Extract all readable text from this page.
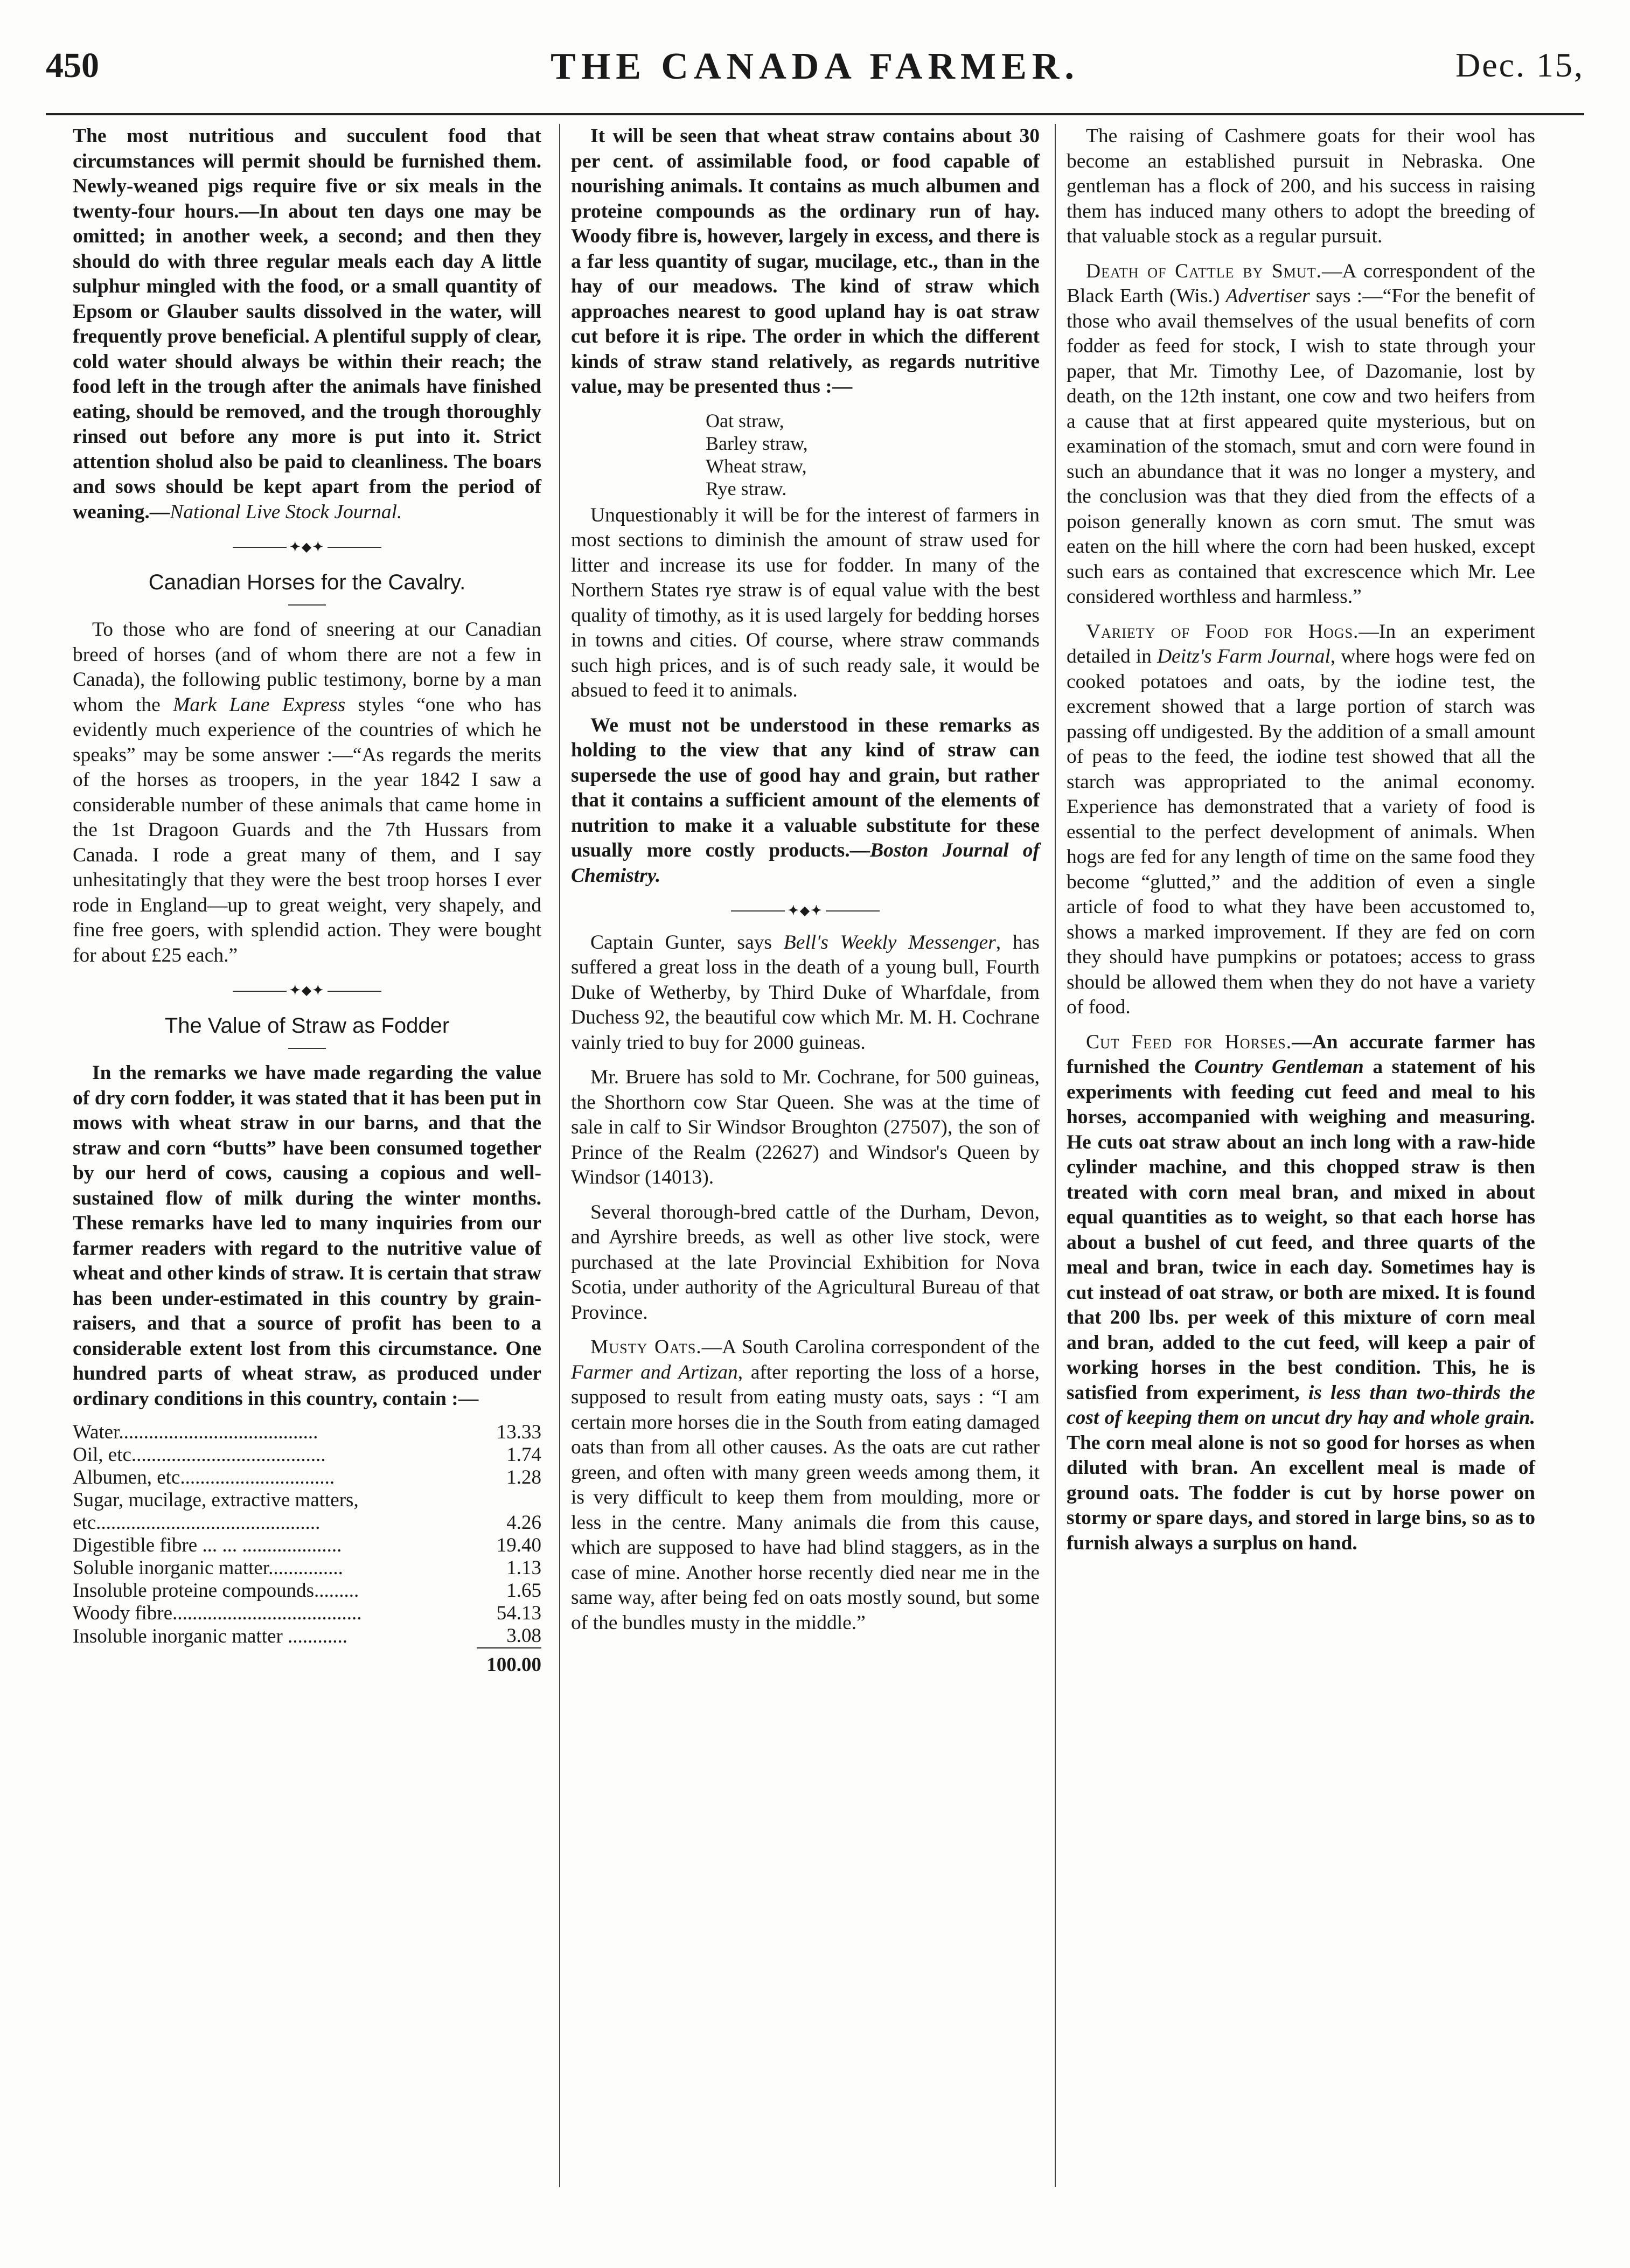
450	THE CANADA FARMER.	Dec. 15,

The most nutritious and succulent food that circumstances will permit should be furnished them. Newly-weaned pigs require five or six meals in the twenty-four hours.—In about ten days one may be omitted; in another week, a second; and then they should do with three regular meals each day A little sulphur mingled with the food, or a small quantity of Epsom or Glauber saults dissolved in the water, will frequently prove beneficial. A plentiful supply of clear, cold water should always be within their reach; the food left in the trough after the animals have finished eating, should be removed, and the trough thoroughly rinsed out before any more is put into it. Strict attention sholud also be paid to cleanliness. The boars and sows should be kept apart from the period of weaning.—National Live Stock Journal.

✦◆✦
Canadian Horses for the Cavalry.

To those who are fond of sneering at our Canadian breed of horses (and of whom there are not a few in Canada), the following public testimony, borne by a man whom the Mark Lane Express styles “one who has evidently much experience of the countries of which he speaks” may be some answer :—“As regards the merits of the horses as troopers, in the year 1842 I saw a considerable number of these animals that came home in the 1st Dragoon Guards and the 7th Hussars from Canada. I rode a great many of them, and I say unhesitatingly that they were the best troop horses I ever rode in England—up to great weight, very shapely, and fine free goers, with splendid action. They were bought for about £25 each.”

✦◆✦
The Value of Straw as Fodder

In the remarks we have made regarding the value of dry corn fodder, it was stated that it has been put in mows with wheat straw in our barns, and that the straw and corn “butts” have been consumed together by our herd of cows, causing a copious and well-sustained flow of milk during the winter months. These remarks have led to many inquiries from our farmer readers with regard to the nutritive value of wheat and other kinds of straw. It is certain that straw has been under-estimated in this country by grain-raisers, and that a source of profit has been to a considerable extent lost from this circumstance. One hundred parts of wheat straw, as produced under ordinary conditions in this country, contain :—

Water........................................	13.33
Oil, etc.......................................	1.74
Albumen, etc...............................	1.28
Sugar, mucilage, extractive matters,	
etc.............................................	4.26
Digestible fibre ... ... ....................	19.40
Soluble inorganic matter...............	1.13
Insoluble proteine compounds.........	1.65
Woody fibre......................................	54.13
Insoluble inorganic matter ............	3.08
	100.00

It will be seen that wheat straw contains about 30 per cent. of assimilable food, or food capable of nourishing animals. It contains as much albumen and proteine compounds as the ordinary run of hay. Woody fibre is, however, largely in excess, and there is a far less quantity of sugar, mucilage, etc., than in the hay of our meadows. The kind of straw which approaches nearest to good upland hay is oat straw cut before it is ripe. The order in which the different kinds of straw stand relatively, as regards nutritive value, may be presented thus :—

Oat straw,
Barley straw,
Wheat straw,
Rye straw.

Unquestionably it will be for the interest of farmers in most sections to diminish the amount of straw used for litter and increase its use for fodder. In many of the Northern States rye straw is of equal value with the best quality of timothy, as it is used largely for bedding horses in towns and cities. Of course, where straw commands such high prices, and is of such ready sale, it would be absued to feed it to animals.

We must not be understood in these remarks as holding to the view that any kind of straw can supersede the use of good hay and grain, but rather that it contains a sufficient amount of the elements of nutrition to make it a valuable substitute for these usually more costly products.—Boston Journal of Chemistry.

✦◆✦

Captain Gunter, says Bell's Weekly Messenger, has suffered a great loss in the death of a young bull, Fourth Duke of Wetherby, by Third Duke of Wharfdale, from Duchess 92, the beautiful cow which Mr. M. H. Cochrane vainly tried to buy for 2000 guineas.

Mr. Bruere has sold to Mr. Cochrane, for 500 guineas, the Shorthorn cow Star Queen. She was at the time of sale in calf to Sir Windsor Broughton (27507), the son of Prince of the Realm (22627) and Windsor's Queen by Windsor (14013).

Several thorough-bred cattle of the Durham, Devon, and Ayrshire breeds, as well as other live stock, were purchased at the late Provincial Exhibition for Nova Scotia, under authority of the Agricultural Bureau of that Province.

Musty Oats.—A South Carolina correspondent of the Farmer and Artizan, after reporting the loss of a horse, supposed to result from eating musty oats, says : “I am certain more horses die in the South from eating damaged oats than from all other causes. As the oats are cut rather green, and often with many green weeds among them, it is very difficult to keep them from moulding, more or less in the centre. Many animals die from this cause, which are supposed to have had blind staggers, as in the case of mine. Another horse recently died near me in the same way, after being fed on oats mostly sound, but some of the bundles musty in the middle.”

The raising of Cashmere goats for their wool has become an established pursuit in Nebraska. One gentleman has a flock of 200, and his success in raising them has induced many others to adopt the breeding of that valuable stock as a regular pursuit.

Death of Cattle by Smut.—A correspondent of the Black Earth (Wis.) Advertiser says :—“For the benefit of those who avail themselves of the usual benefits of corn fodder as feed for stock, I wish to state through your paper, that Mr. Timothy Lee, of Dazomanie, lost by death, on the 12th instant, one cow and two heifers from a cause that at first appeared quite mysterious, but on examination of the stomach, smut and corn were found in such an abundance that it was no longer a mystery, and the conclusion was that they died from the effects of a poison generally known as corn smut. The smut was eaten on the hill where the corn had been husked, except such ears as contained that excrescence which Mr. Lee considered worthless and harmless.”

Variety of Food for Hogs.—In an experiment detailed in Deitz's Farm Journal, where hogs were fed on cooked potatoes and oats, by the iodine test, the excrement showed that a large portion of starch was passing off undigested. By the addition of a small amount of peas to the feed, the iodine test showed that all the starch was appropriated to the animal economy. Experience has demonstrated that a variety of food is essential to the perfect development of animals. When hogs are fed for any length of time on the same food they become “glutted,” and the addition of even a single article of food to what they have been accustomed to, shows a marked improvement. If they are fed on corn they should have pumpkins or potatoes; access to grass should be allowed them when they do not have a variety of food.

Cut Feed for Horses.—An accurate farmer has furnished the Country Gentleman a statement of his experiments with feeding cut feed and meal to his horses, accompanied with weighing and measuring. He cuts oat straw about an inch long with a raw-hide cylinder machine, and this chopped straw is then treated with corn meal bran, and mixed in about equal quantities as to weight, so that each horse has about a bushel of cut feed, and three quarts of the meal and bran, twice in each day. Sometimes hay is cut instead of oat straw, or both are mixed. It is found that 200 lbs. per week of this mixture of corn meal and bran, added to the cut feed, will keep a pair of working horses in the best condition. This, he is satisfied from experiment, is less than two-thirds the cost of keeping them on uncut dry hay and whole grain. The corn meal alone is not so good for horses as when diluted with bran. An excellent meal is made of ground oats. The fodder is cut by horse power on stormy or spare days, and stored in large bins, so as to furnish always a surplus on hand.
